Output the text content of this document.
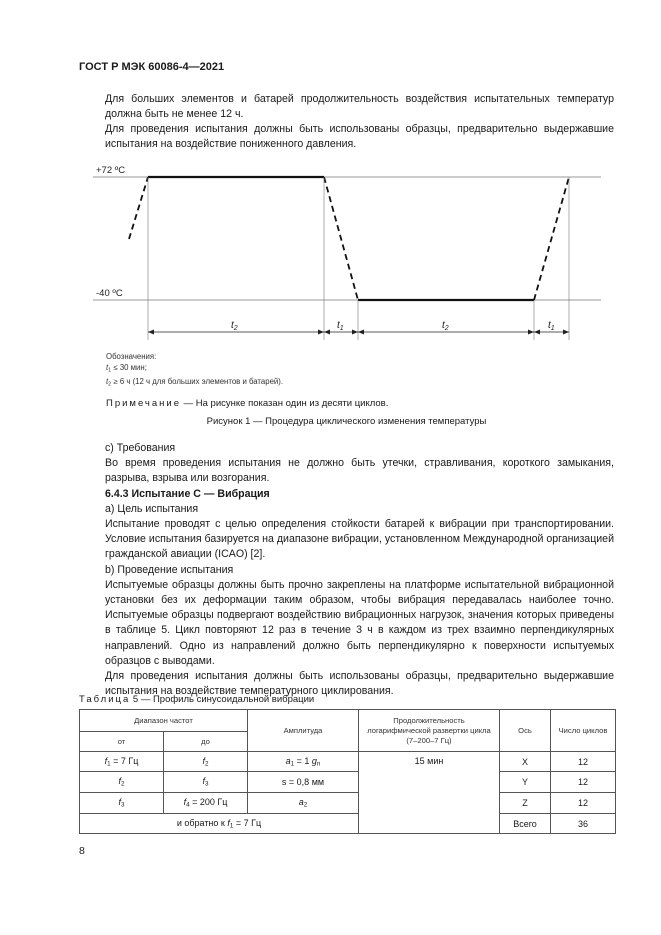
ГОСТ Р МЭК 60086-4—2021
Для больших элементов и батарей продолжительность воздействия испытательных температур должна быть не менее 12 ч.
Для проведения испытания должны быть использованы образцы, предварительно выдержавшие испытания на воздействие пониженного давления.
+72 ºC
-40 ºC
$t_2$	$t_1$	$t_2$	$t_1$
Обозначения:
$t_1 \le 30$ мин;
$t_2 \ge 6$ ч (12 ч для больших элементов и батарей).
Примечание — На рисунке показан один из десяти циклов.
Рисунок 1 — Процедура циклического изменения температуры
c) Требования
Во время проведения испытания не должно быть утечки, стравливания, короткого замыкания, разрыва, взрыва или возгорания.
6.4.3 Испытание С — Вибрация
а) Цель испытания
Испытание проводят с целью определения стойкости батарей к вибрации при транспортировании. Условие испытания базируется на диапазоне вибрации, установленном Международной организацией гражданской авиации (ICAO) [2].
b) Проведение испытания
Испытуемые образцы должны быть прочно закреплены на платформе испытательной вибрационной установки без их деформации таким образом, чтобы вибрация передавалась наиболее точно. Испытуемые образцы подвергают воздействию вибрационных нагрузок, значения которых приведены в таблице 5. Цикл повторяют 12 раз в течение 3 ч в каждом из трех взаимно перпендикулярных направлений. Одно из направлений должно быть перпендикулярно к поверхности испытуемых образцов с выводами.
Для проведения испытания должны быть использованы образцы, предварительно выдержавшие испытания на воздействие температурного циклирования.
Таблица 5 — Профиль синусоидальной вибрации
Диапазон частот		Амплитуда	Продолжительность логарифмической развертки цикла (7–200–7 Гц)	Ось	Число циклов
от	до				
$f_1 = 7$ Гц	$f_2$	$a_1 = 1$ $g_n$	15 мин	X	12
$f_2$	$f_3$	s = 0,8 мм		Y	12
$f_3$	$f_4 = 200$ Гц	$a_2$		Z	12
и обратно к $f_1 = 7$ Гц				Всего	36
8
